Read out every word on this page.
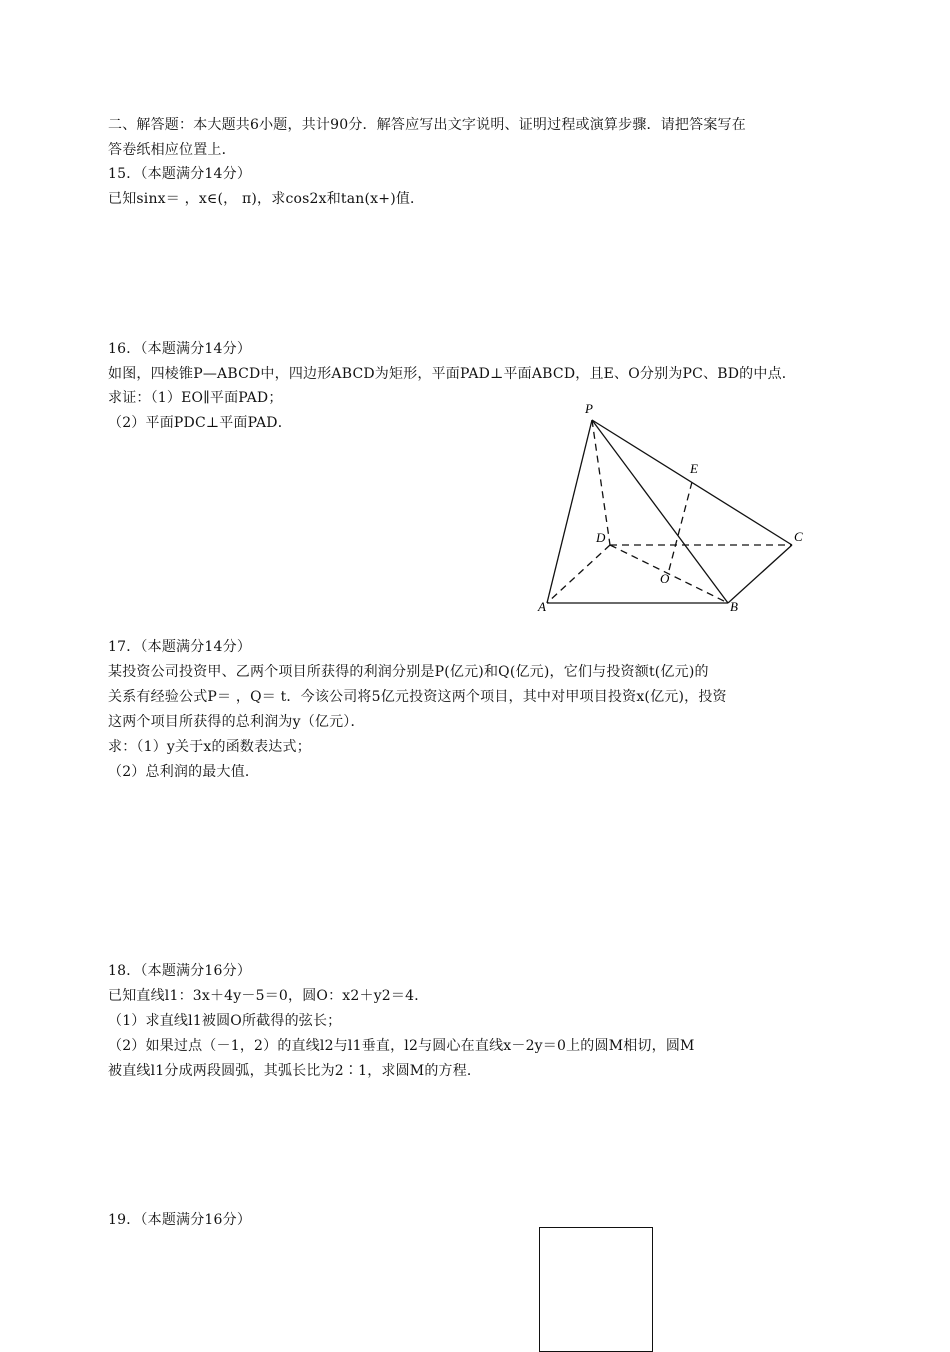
二、解答题：本大题共6小题，共计90分．解答应写出文字说明、证明过程或演算步骤．请把答案写在
答卷纸相应位置上．
15．（本题满分14分）
已知sinx＝ ，x∈(， π)，求cos2x和tan(x+)值．
16．（本题满分14分）
如图，四棱锥P—ABCD中，四边形ABCD为矩形，平面PAD⊥平面ABCD，且E、O分别为PC、BD的中点．
求证：（1）EO∥平面PAD；
（2）平面PDC⊥平面PAD．
P
E
D	C
O
A	B
17．（本题满分14分）
某投资公司投资甲、乙两个项目所获得的利润分别是P(亿元)和Q(亿元)，它们与投资额t(亿元)的
关系有经验公式P＝ ，Q＝ t．今该公司将5亿元投资这两个项目，其中对甲项目投资x(亿元)，投资
这两个项目所获得的总利润为y（亿元）．
求：（1）y关于x的函数表达式；
（2）总利润的最大值．
18．（本题满分16分）
已知直线l1：3x＋4y－5＝0，圆O：x2＋y2＝4．
（1）求直线l1被圆O所截得的弦长；
（2）如果过点（－1，2）的直线l2与l1垂直，l2与圆心在直线x－2y＝0上的圆M相切，圆M
被直线l1分成两段圆弧，其弧长比为2∶1，求圆M的方程．
19．（本题满分16分）
